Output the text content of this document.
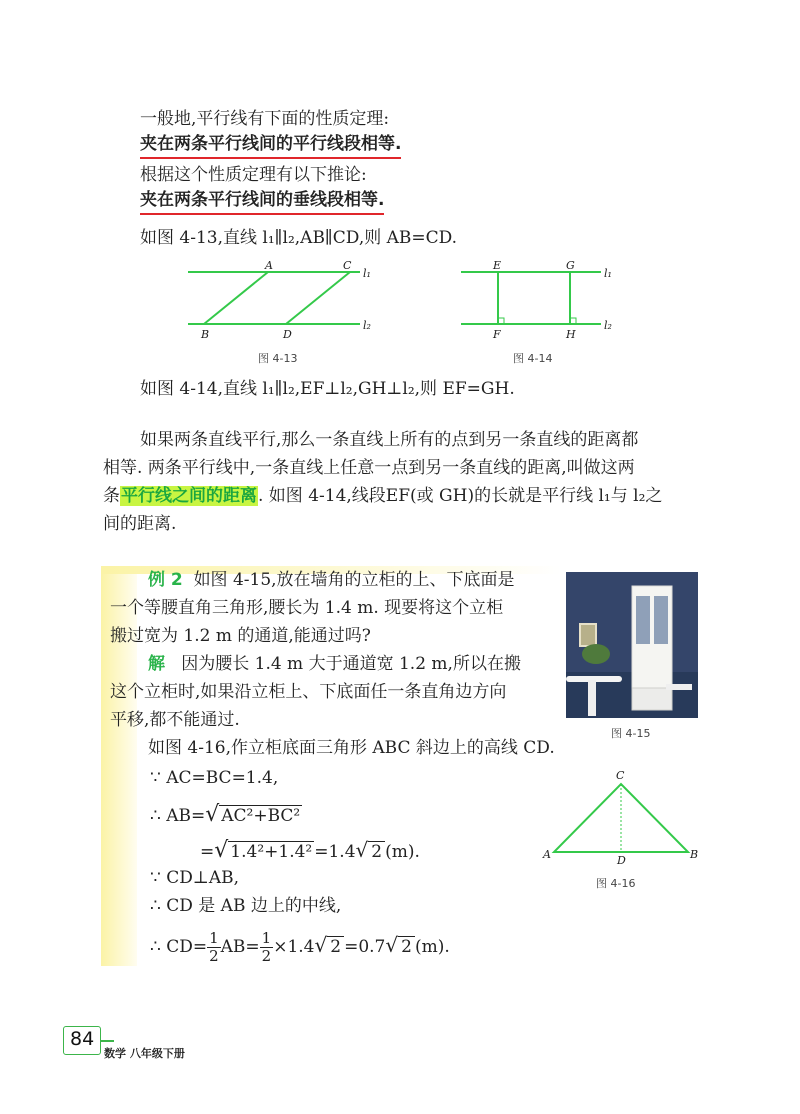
一般地,平行线有下面的性质定理:
夹在两条平行线间的平行线段相等.
根据这个性质定理有以下推论:
夹在两条平行线间的垂线段相等.
如图 4-13,直线 l₁∥l₂,AB∥CD,则 AB=CD.
A	C
l₁
B	D
l₂
图 4-13
E	G
l₁
F	H
l₂
图 4-14
如图 4-14,直线 l₁∥l₂,EF⊥l₂,GH⊥l₂,则 EF=GH.
如果两条直线平行,那么一条直线上所有的点到另一条直线的距离都
相等. 两条平行线中,一条直线上任意一点到另一条直线的距离,叫做这两
条平行线之间的距离. 如图 4-14,线段EF(或 GH)的长就是平行线 l₁与 l₂之
间的距离.
例 2 如图 4-15,放在墙角的立柜的上、下底面是
一个等腰直角三角形,腰长为 1.4 m. 现要将这个立柜
搬过宽为 1.2 m 的通道,能通过吗?
解 因为腰长 1.4 m 大于通道宽 1.2 m,所以在搬
这个立柜时,如果沿立柜上、下底面任一条直角边方向
平移,都不能通过.
如图 4-16,作立柜底面三角形 ABC 斜边上的高线 CD.
∵ AC=BC=1.4,
∴ AB=√ AC²+BC²
=√ 1.4²+1.4² =1.4√ 2 (m).
∵ CD⊥AB,
∴ CD 是 AB 边上的中线,
∴ $CD= \frac{1}{2} AB= \frac{1}{2} \times 1.4√$ 2 =0.7√ 2 (m).
图 4-15
C
A	B
D
图 4-16
84
数学 八年级下册
